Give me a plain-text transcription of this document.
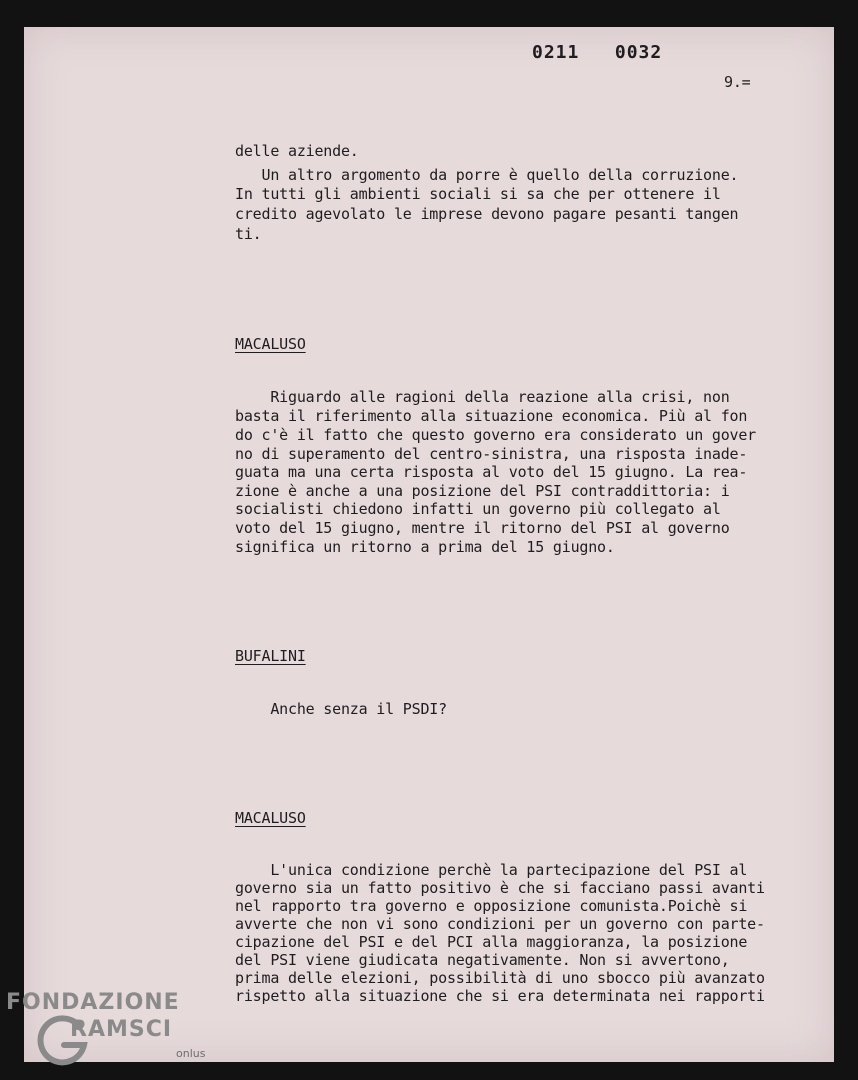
0211   0032
9.=
delle aziende.
Un altro argomento da porre è quello della corruzione.
In tutti gli ambienti sociali si sa che per ottenere il
credito agevolato le imprese devono pagare pesanti tangen
ti.
MACALUSO
Riguardo alle ragioni della reazione alla crisi, non
basta il riferimento alla situazione economica. Più al fon
do c'è il fatto che questo governo era considerato un gover
no di superamento del centro-sinistra, una risposta inade-
guata ma una certa risposta al voto del 15 giugno. La rea-
zione è anche a una posizione del PSI contraddittoria: i
socialisti chiedono infatti un governo più collegato al
voto del 15 giugno, mentre il ritorno del PSI al governo
significa un ritorno a prima del 15 giugno.
BUFALINI
Anche senza il PSDI?
MACALUSO
L'unica condizione perchè la partecipazione del PSI al
governo sia un fatto positivo è che si facciano passi avanti
nel rapporto tra governo e opposizione comunista.Poichè si
avverte che non vi sono condizioni per un governo con parte-
cipazione del PSI e del PCI alla maggioranza, la posizione
del PSI viene giudicata negativamente. Non si avvertono,
prima delle elezioni, possibilità di uno sbocco più avanzato
rispetto alla situazione che si era determinata nei rapporti
FONDAZIONE
RAMSCI
onlus
